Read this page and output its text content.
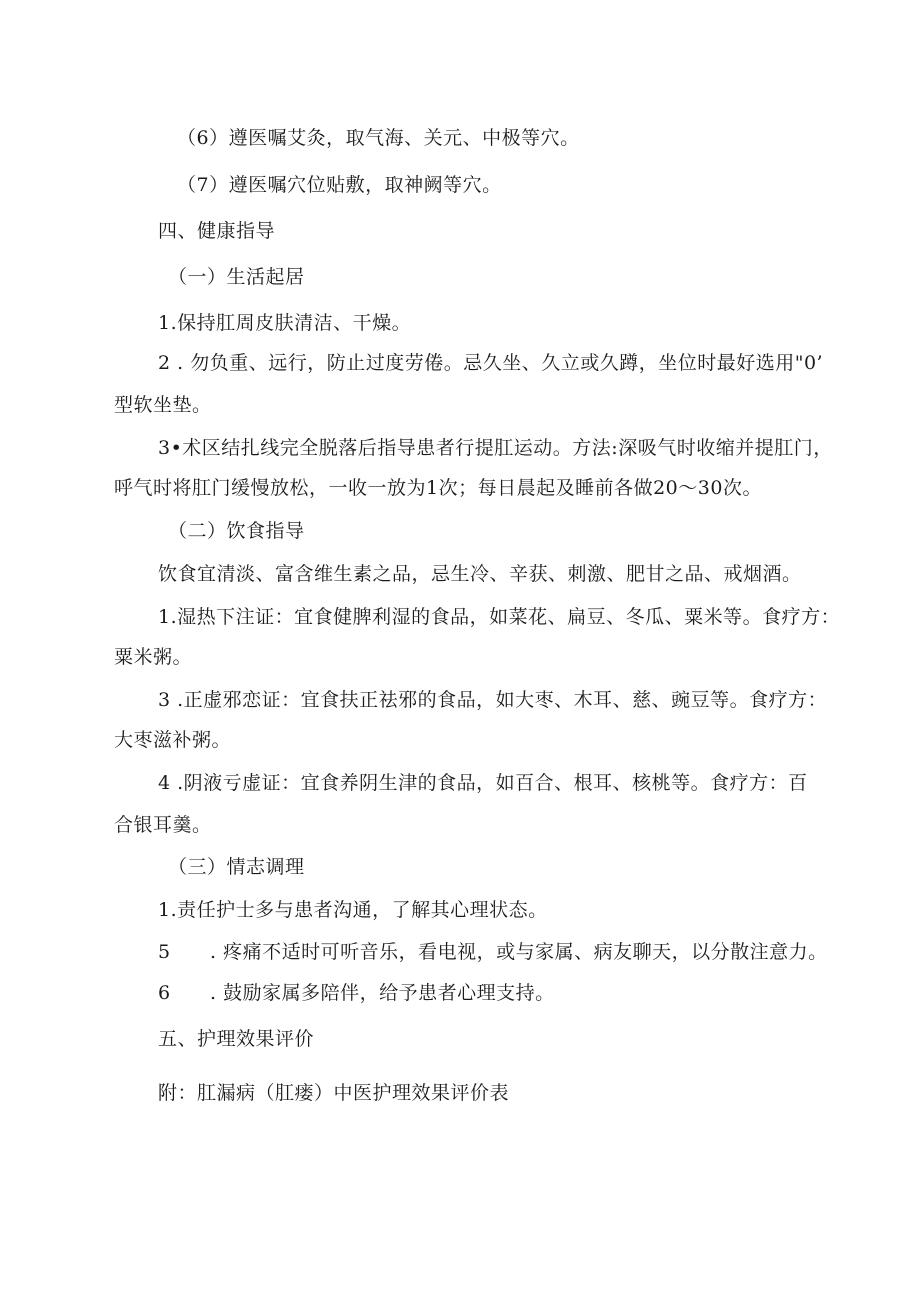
（6）遵医嘱艾灸，取气海、关元、中极等穴。
（7）遵医嘱穴位贴敷，取神阙等穴。
四、健康指导
（一）生活起居
1.保持肛周皮肤清洁、干燥。
2 . 勿负重、远行，防止过度劳倦。忌久坐、久立或久蹲，坐位时最好选用"0’
型软坐垫。
3•术区结扎线完全脱落后指导患者行提肛运动。方法:深吸气时收缩并提肛门，
呼气时将肛门缓慢放松，一收一放为1次；每日晨起及睡前各做20～30次。
（二）饮食指导
饮食宜清淡、富含维生素之品，忌生冷、辛获、刺激、肥甘之品、戒烟酒。
1.湿热下注证：宜食健脾利湿的食品，如菜花、扁豆、冬瓜、粟米等。食疗方：
粟米粥。
3 .正虚邪恋证：宜食扶正祛邪的食品，如大枣、木耳、慈、豌豆等。食疗方：
大枣滋补粥。
4 .阴液亏虚证：宜食养阴生津的食品，如百合、根耳、核桃等。食疗方：百
合银耳羹。
（三）情志调理
1.责任护士多与患者沟通，了解其心理状态。
5 . 疼痛不适时可听音乐，看电视，或与家属、病友聊天，以分散注意力。
6 . 鼓励家属多陪伴，给予患者心理支持。
五、护理效果评价
附：肛漏病（肛瘘）中医护理效果评价表
